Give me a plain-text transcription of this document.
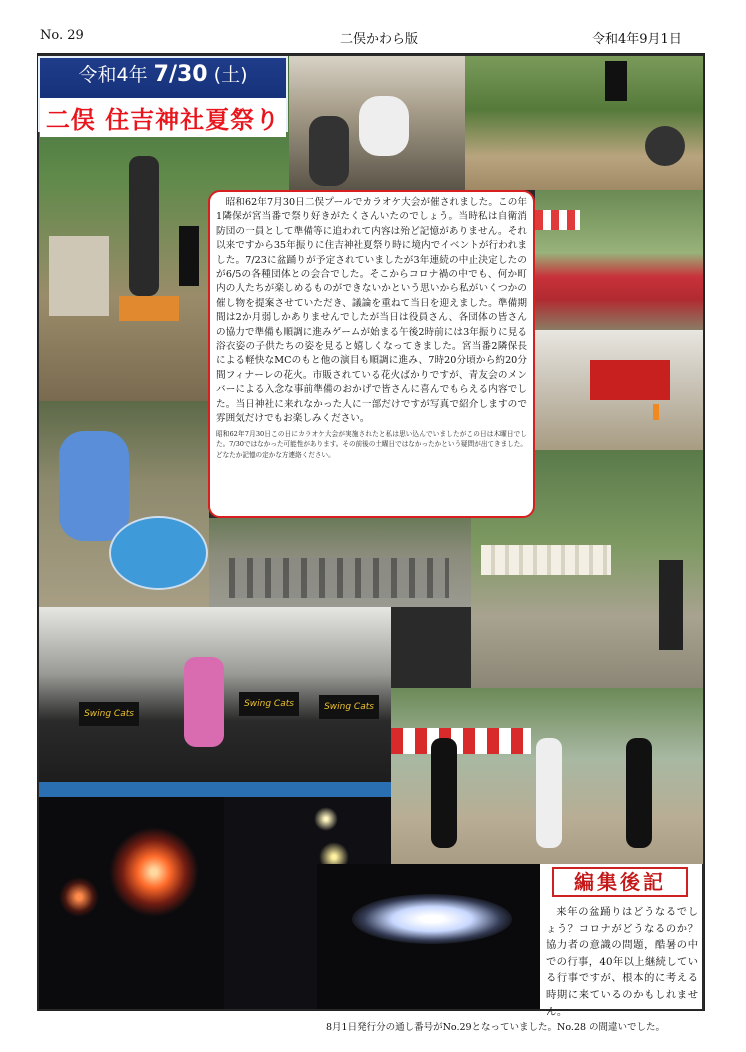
No. 29	二俣かわら版	令和4年9月1日
Swing Cats
Swing Cats	Swing Cats
令和4年 7/30 (土)
二俣 住吉神社夏祭り

昭和62年7月30日二俣プールでカラオケ大会が催されました。この年1隣保が宮当番で祭り好きがたくさんいたのでしょう。当時私は自衛消防団の一員として準備等に追われて内容は殆ど記憶がありません。それ以来ですから35年振りに住吉神社夏祭り時に境内でイベントが行われました。7/23に盆踊りが予定されていましたが3年連続の中止決定したのが6/5の各種団体との会合でした。そこからコロナ禍の中でも、何か町内の人たちが楽しめるものができないかという思いから私がいくつかの催し物を提案させていただき、議論を重ねて当日を迎えました。準備期間は2か月弱しかありませんでしたが当日は役員さん、各団体の皆さんの協力で準備も順調に進みゲームが始まる午後2時前には3年振りに見る浴衣姿の子供たちの姿を見ると嬉しくなってきました。宮当番2隣保長による軽快なMCのもと他の演目も順調に進み、7時20分頃から約20分間フィナーレの花火。市販されている花火ばかりですが、青友会のメンバーによる入念な事前準備のおかげで皆さんに喜んでもらえる内容でした。当日神社に来れなかった人に一部だけですが写真で紹介しますので雰囲気だけでもお楽しみください。

昭和62年7月30日この日にカラオケ大会が実施されたと私は思い込んでいましたがこの日は木曜日でした。7/30ではなかった可能性があります。その前後の土曜日ではなかったかという疑問が出てきました。どなたか記憶の定かな方連絡ください。

編集後記
来年の盆踊りはどうなるでしょう？コロナがどうなるのか？協力者の意識の問題，酷暑の中での行事，40年以上継続している行事ですが、根本的に考える時期に来ているのかもしれません。
8月1日発行分の通し番号がNo.29となっていました。No.28 の間違いでした。
